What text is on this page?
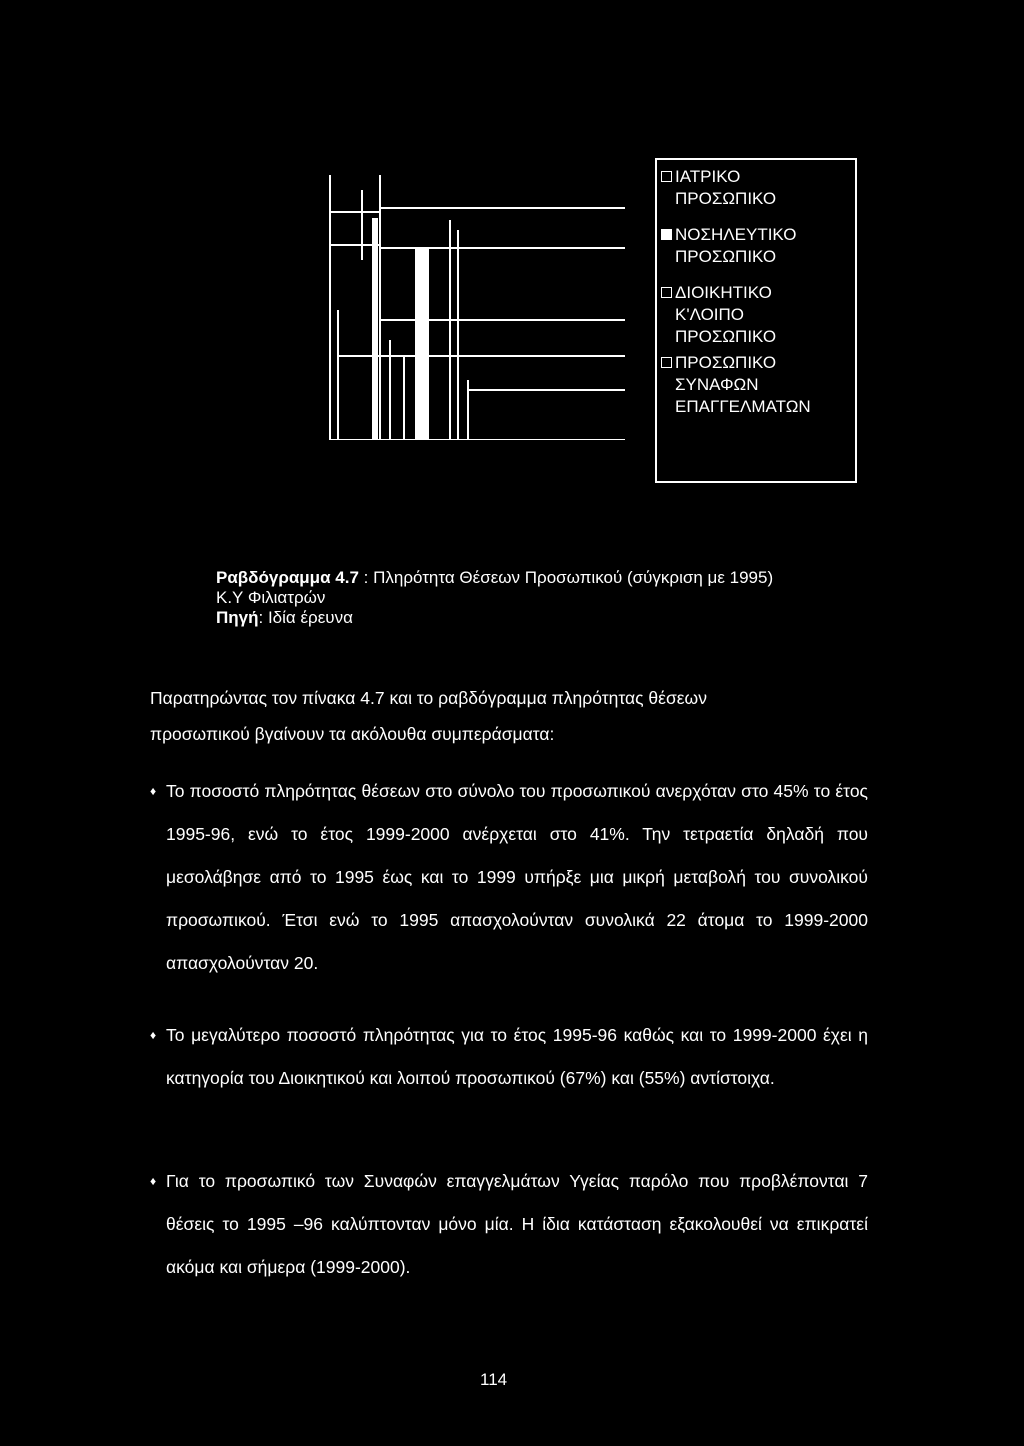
ΙΑΤΡΙΚΟ
ΠΡΟΣΩΠΙΚΟ
ΝΟΣΗΛΕΥΤΙΚΟ
ΠΡΟΣΩΠΙΚΟ
ΔΙΟΙΚΗΤΙΚΟ
Κ'ΛΟΙΠΟ
ΠΡΟΣΩΠΙΚΟ
ΠΡΟΣΩΠΙΚΟ
ΣΥΝΑΦΩΝ
ΕΠΑΓΓΕΛΜΑΤΩΝ
Ραβδόγραμμα 4.7 : Πληρότητα Θέσεων Προσωπικού (σύγκριση με 1995)
Κ.Υ Φιλιατρών
Πηγή: Ιδία έρευνα

Παρατηρώντας τον πίνακα 4.7 και το ραβδόγραμμα πληρότητας θέσεων

προσωπικού βγαίνουν τα ακόλουθα συμπεράσματα:

♦ Το ποσοστό πληρότητας θέσεων στο σύνολο του προσωπικού ανερχόταν στο 45% το έτος 1995-96, ενώ το έτος 1999-2000 ανέρχεται στο 41%. Την τετραετία δηλαδή που μεσολάβησε από το 1995 έως και το 1999 υπήρξε μια μικρή μεταβολή του συνολικού προσωπικού. Έτσι ενώ το 1995 απασχολούνταν συνολικά 22 άτομα το 1999-2000 απασχολούνταν 20.
♦ Το μεγαλύτερο ποσοστό πληρότητας για το έτος 1995-96 καθώς και το 1999-2000 έχει η κατηγορία του Διοικητικού και λοιπού προσωπικού (67%) και (55%) αντίστοιχα.
♦ Για το προσωπικό των Συναφών επαγγελμάτων Υγείας παρόλο που προβλέπονται 7 θέσεις το 1995 –96 καλύπτονταν μόνο μία. Η ίδια κατάσταση εξακολουθεί να επικρατεί ακόμα και σήμερα (1999-2000).
114
